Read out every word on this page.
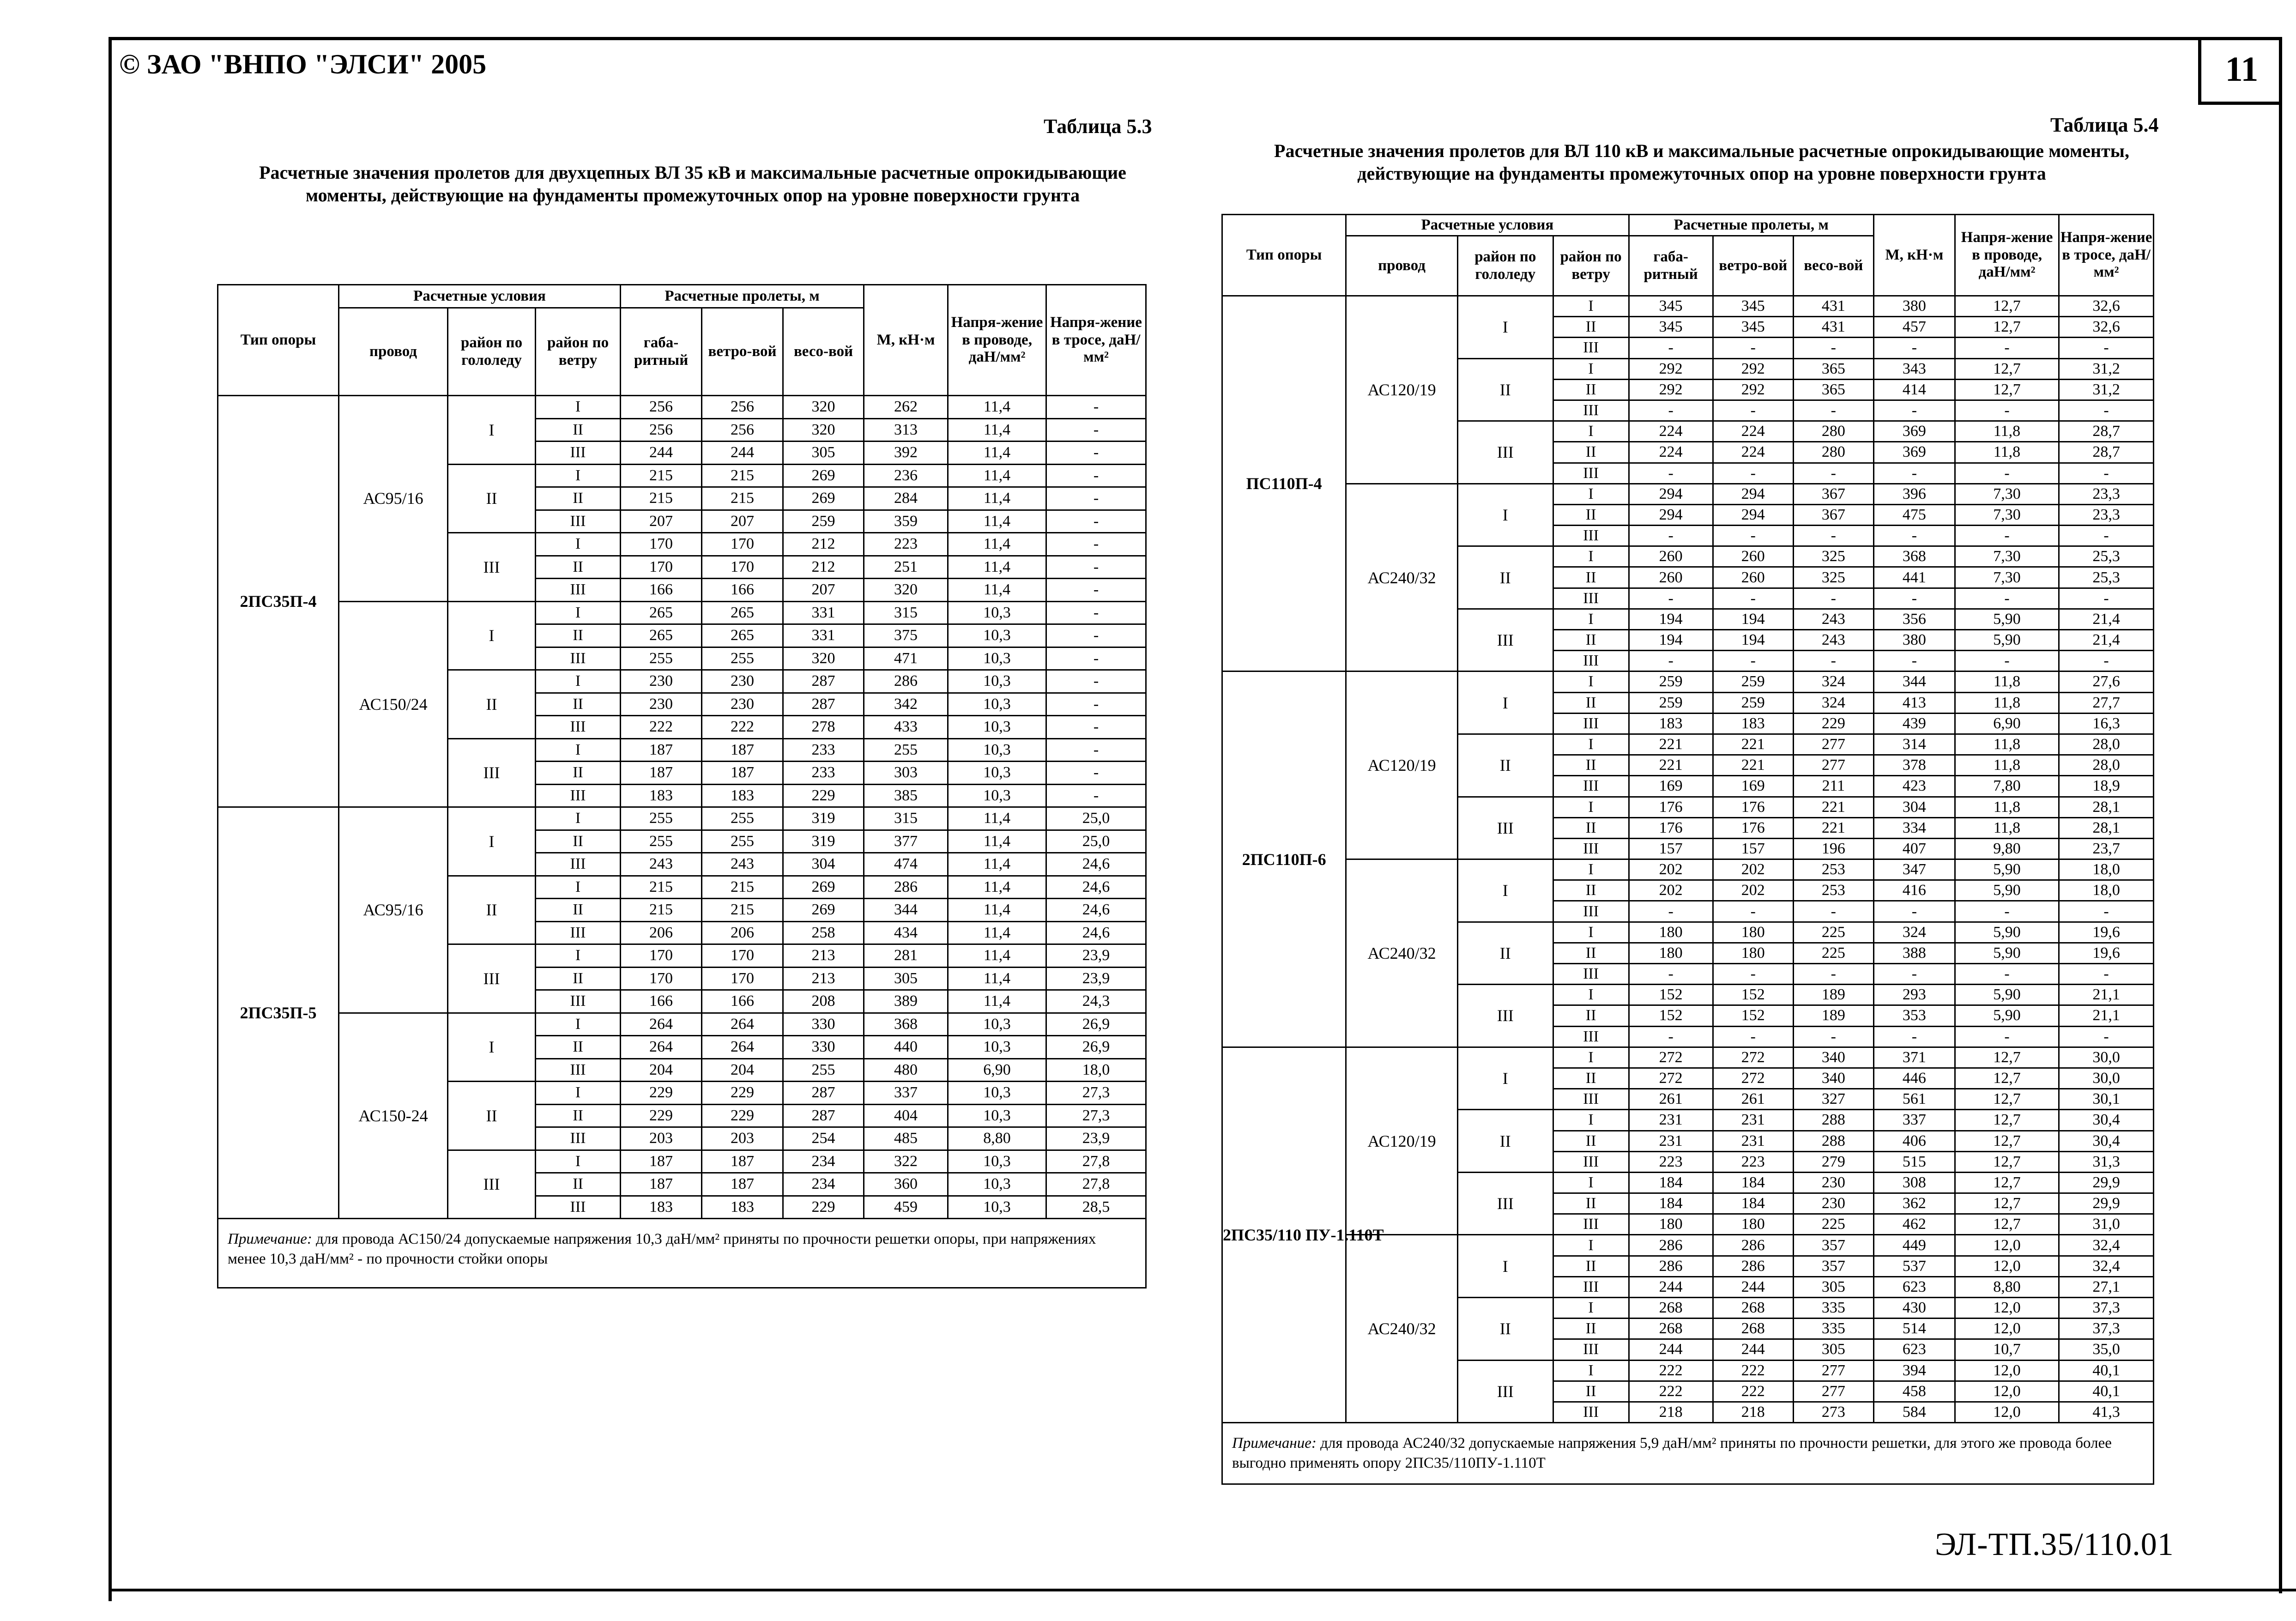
11
© ЗАО "ВНПО "ЭЛСИ" 2005
ЭЛ-ТП.35/110.01
Таблица 5.3
Расчетные значения пролетов для двухцепных ВЛ 35 кВ и максимальные расчетные опрокидывающие моменты, действующие на фундаменты промежуточных опор на уровне поверхности грунта
Тип опоры	Расчетные условия			Расчетные пролеты, м			М, кН·м	Напря-жение в проводе, даН/мм²	Напря-жение в тросе, даН/мм²
	провод	район по гололеду	район по ветру	габа-ритный	ветро-вой	весо-вой			
2ПС35П-4	АС95/16	I	I	256	256	320	262	11,4	-
			II	256	256	320	313	11,4	-
			III	244	244	305	392	11,4	-
		II	I	215	215	269	236	11,4	-
			II	215	215	269	284	11,4	-
			III	207	207	259	359	11,4	-
		III	I	170	170	212	223	11,4	-
			II	170	170	212	251	11,4	-
			III	166	166	207	320	11,4	-
	АС150/24	I	I	265	265	331	315	10,3	-
			II	265	265	331	375	10,3	-
			III	255	255	320	471	10,3	-
		II	I	230	230	287	286	10,3	-
			II	230	230	287	342	10,3	-
			III	222	222	278	433	10,3	-
		III	I	187	187	233	255	10,3	-
			II	187	187	233	303	10,3	-
			III	183	183	229	385	10,3	-
2ПС35П-5	АС95/16	I	I	255	255	319	315	11,4	25,0
			II	255	255	319	377	11,4	25,0
			III	243	243	304	474	11,4	24,6
		II	I	215	215	269	286	11,4	24,6
			II	215	215	269	344	11,4	24,6
			III	206	206	258	434	11,4	24,6
		III	I	170	170	213	281	11,4	23,9
			II	170	170	213	305	11,4	23,9
			III	166	166	208	389	11,4	24,3
	АС150-24	I	I	264	264	330	368	10,3	26,9
			II	264	264	330	440	10,3	26,9
			III	204	204	255	480	6,90	18,0
		II	I	229	229	287	337	10,3	27,3
			II	229	229	287	404	10,3	27,3
			III	203	203	254	485	8,80	23,9
		III	I	187	187	234	322	10,3	27,8
			II	187	187	234	360	10,3	27,8
			III	183	183	229	459	10,3	28,5
Примечание: для провода АС150/24 допускаемые напряжения 10,3 даН/мм² приняты по прочности решетки опоры, при напряжениях менее 10,3 даН/мм² - по прочности стойки опоры									
Таблица 5.4
Расчетные значения пролетов для ВЛ 110 кВ и максимальные расчетные опрокидывающие моменты, действующие на фундаменты промежуточных опор на уровне поверхности грунта
Тип опоры	Расчетные условия			Расчетные пролеты, м			М, кН·м	Напря-жение в проводе, даН/мм²	Напря-жение в тросе, даН/мм²
	провод	район по гололеду	район по ветру	габа-ритный	ветро-вой	весо-вой			
ПС110П-4	АС120/19	I	I	345	345	431	380	12,7	32,6
			II	345	345	431	457	12,7	32,6
			III	-	-	-	-	-	-
		II	I	292	292	365	343	12,7	31,2
			II	292	292	365	414	12,7	31,2
			III	-	-	-	-	-	-
		III	I	224	224	280	369	11,8	28,7
			II	224	224	280	369	11,8	28,7
			III	-	-	-	-	-	-
	АС240/32	I	I	294	294	367	396	7,30	23,3
			II	294	294	367	475	7,30	23,3
			III	-	-	-	-	-	-
		II	I	260	260	325	368	7,30	25,3
			II	260	260	325	441	7,30	25,3
			III	-	-	-	-	-	-
		III	I	194	194	243	356	5,90	21,4
			II	194	194	243	380	5,90	21,4
			III	-	-	-	-	-	-
2ПС110П-6	АС120/19	I	I	259	259	324	344	11,8	27,6
			II	259	259	324	413	11,8	27,7
			III	183	183	229	439	6,90	16,3
		II	I	221	221	277	314	11,8	28,0
			II	221	221	277	378	11,8	28,0
			III	169	169	211	423	7,80	18,9
		III	I	176	176	221	304	11,8	28,1
			II	176	176	221	334	11,8	28,1
			III	157	157	196	407	9,80	23,7
	АС240/32	I	I	202	202	253	347	5,90	18,0
			II	202	202	253	416	5,90	18,0
			III	-	-	-	-	-	-
		II	I	180	180	225	324	5,90	19,6
			II	180	180	225	388	5,90	19,6
			III	-	-	-	-	-	-
		III	I	152	152	189	293	5,90	21,1
			II	152	152	189	353	5,90	21,1
			III	-	-	-	-	-	-
2ПС35/110 ПУ-1.110Т	АС120/19	I	I	272	272	340	371	12,7	30,0
			II	272	272	340	446	12,7	30,0
			III	261	261	327	561	12,7	30,1
		II	I	231	231	288	337	12,7	30,4
			II	231	231	288	406	12,7	30,4
			III	223	223	279	515	12,7	31,3
		III	I	184	184	230	308	12,7	29,9
			II	184	184	230	362	12,7	29,9
			III	180	180	225	462	12,7	31,0
	АС240/32	I	I	286	286	357	449	12,0	32,4
			II	286	286	357	537	12,0	32,4
			III	244	244	305	623	8,80	27,1
		II	I	268	268	335	430	12,0	37,3
			II	268	268	335	514	12,0	37,3
			III	244	244	305	623	10,7	35,0
		III	I	222	222	277	394	12,0	40,1
			II	222	222	277	458	12,0	40,1
			III	218	218	273	584	12,0	41,3
Примечание: для провода АС240/32 допускаемые напряжения 5,9 даН/мм² приняты по прочности решетки, для этого же провода более выгодно применять опору 2ПС35/110ПУ-1.110Т									
